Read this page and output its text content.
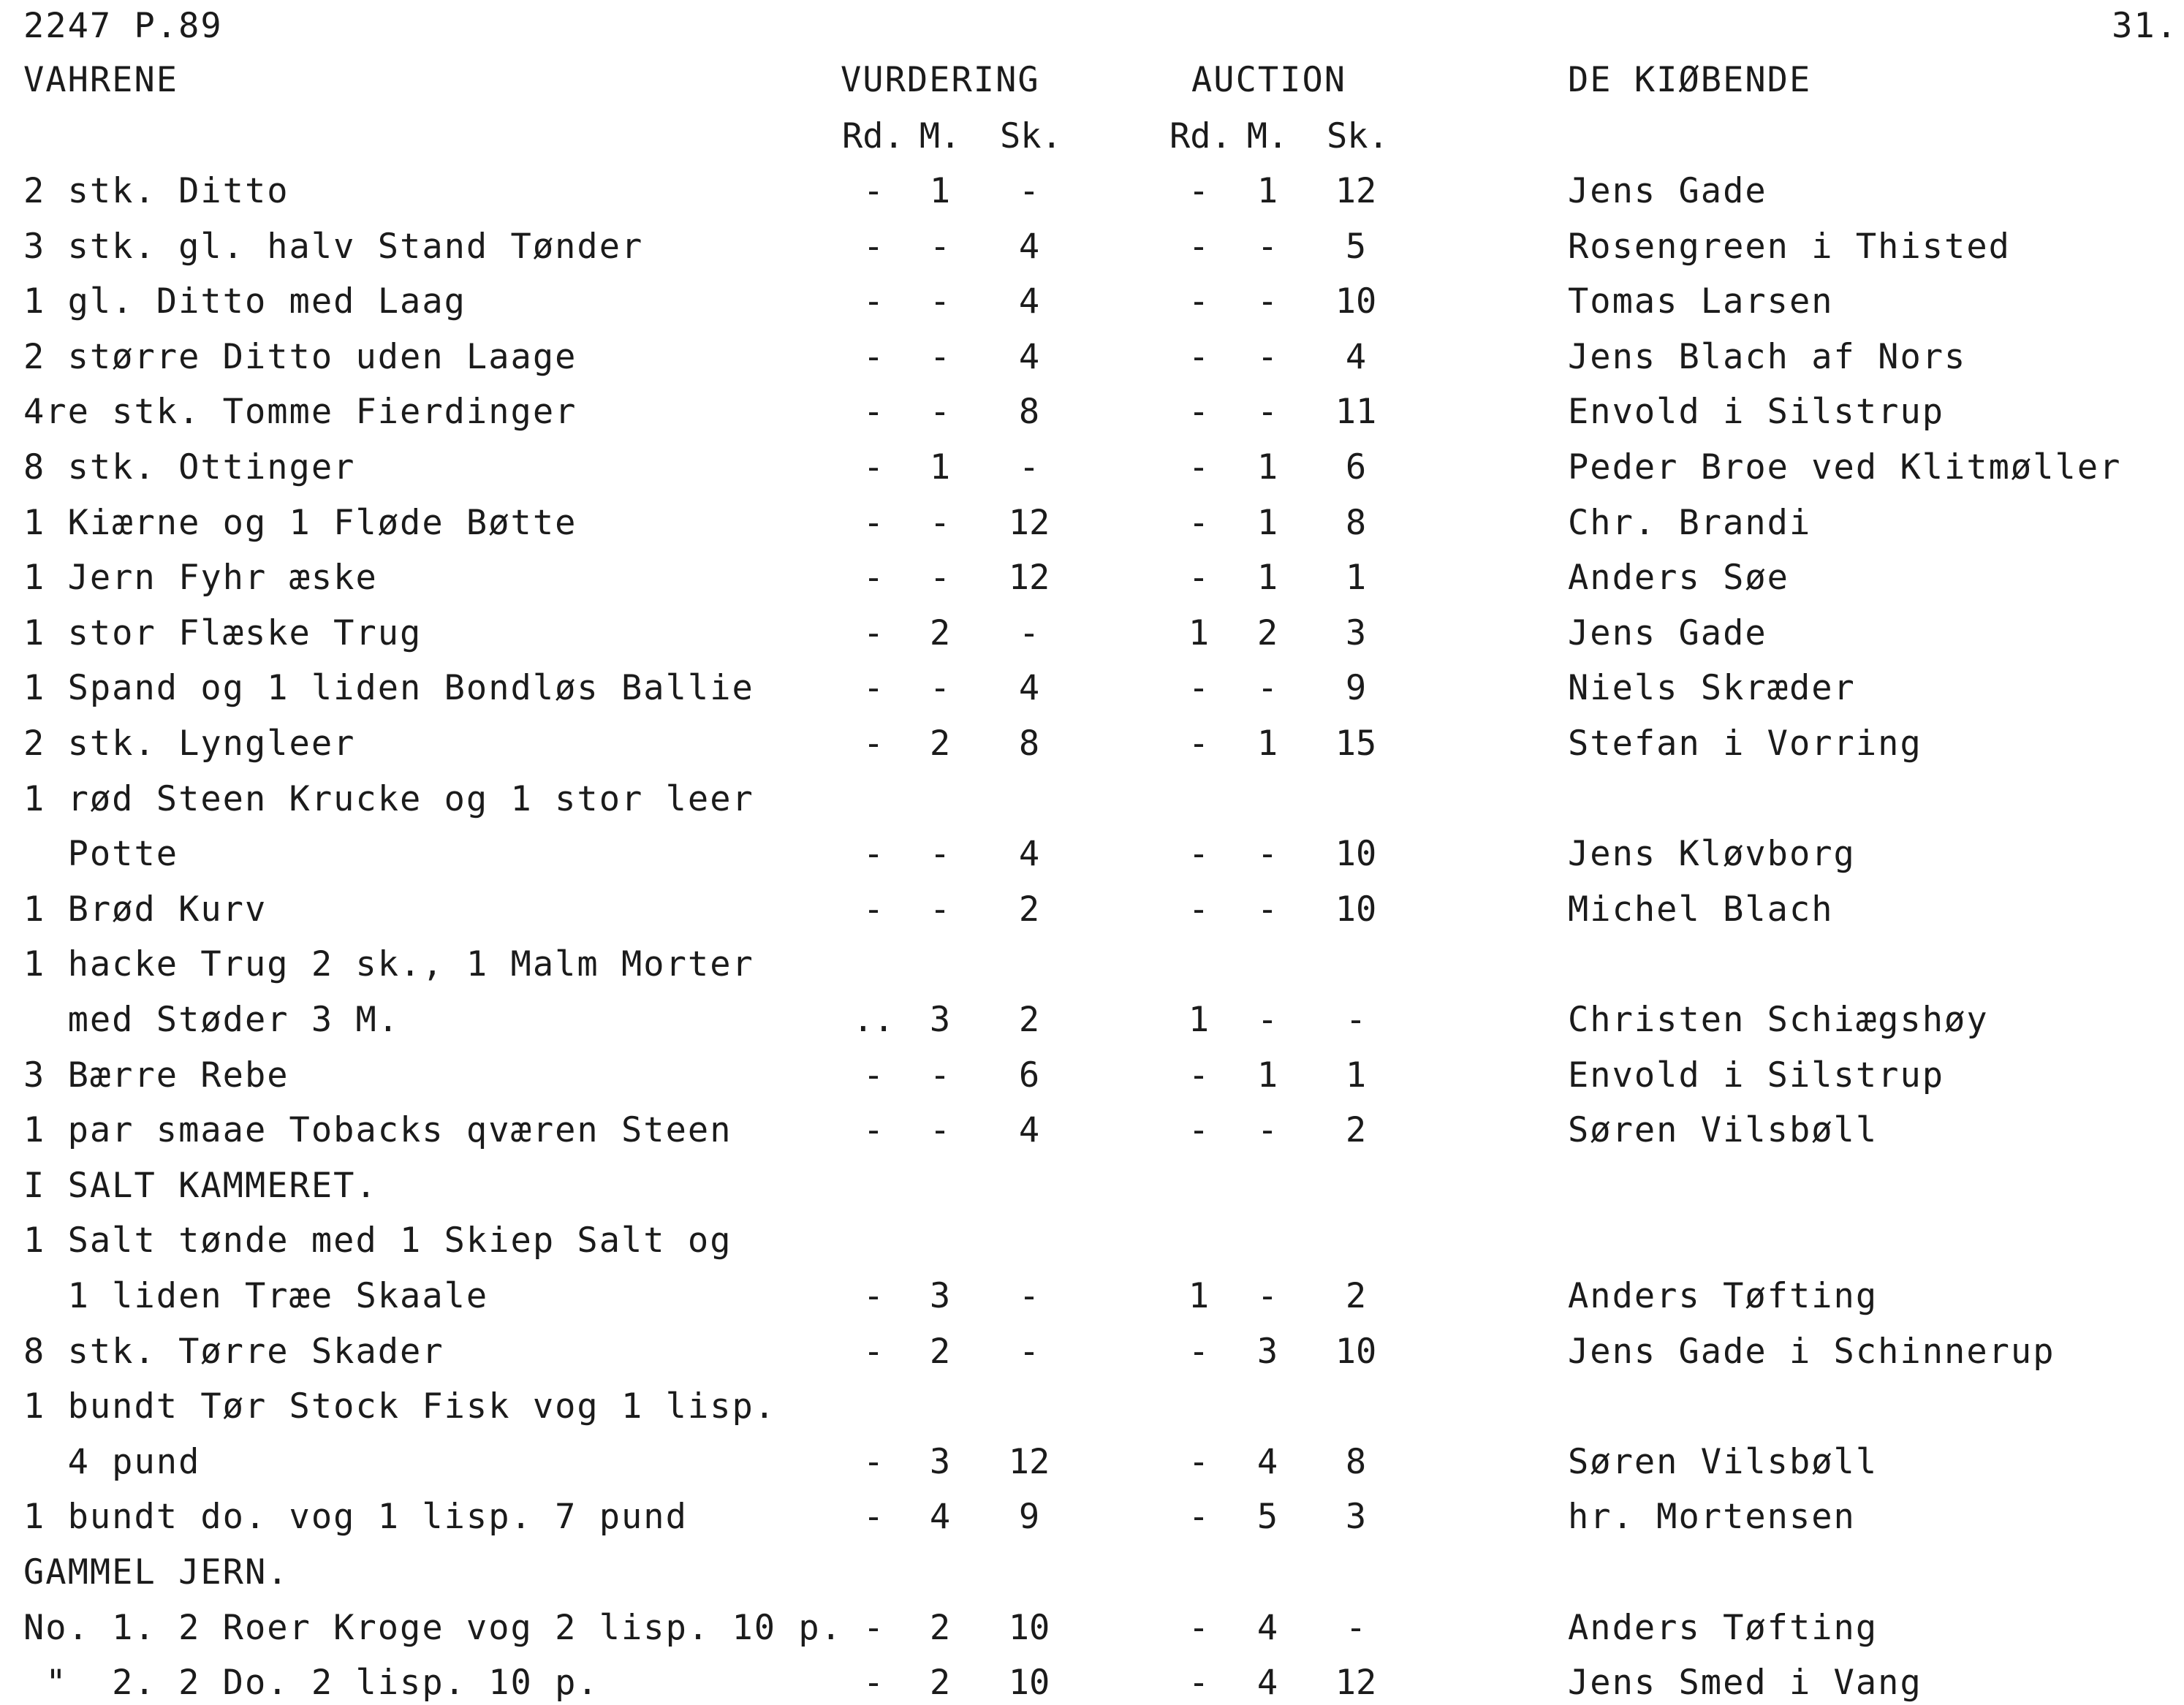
2247 P.89	31.
VAHRENE	VURDERING	AUCTION	DE KIØBENDE
Rd. M. Sk.	Rd. M. Sk.
2 stk. Ditto	-	1	-	-	1	12	Jens Gade
3 stk. gl. halv Stand Tønder	-	-	4	-	-	5	Rosengreen i Thisted
1 gl. Ditto med Laag	-	-	4	-	-	10	Tomas Larsen
2 større Ditto uden Laage	-	-	4	-	-	4	Jens Blach af Nors
4re stk. Tomme Fierdinger	-	-	8	-	-	11	Envold i Silstrup
8 stk. Ottinger	-	1	-	-	1	6	Peder Broe ved Klitmøller
1 Kiærne og 1 Fløde Bøtte	-	-	12	-	1	8	Chr. Brandi
1 Jern Fyhr æske	-	-	12	-	1	1	Anders Søe
1 stor Flæske Trug	-	2	-	1	2	3	Jens Gade
1 Spand og 1 liden Bondløs Ballie	-	-	4	-	-	9	Niels Skræder
2 stk. Lyngleer	-	2	8	-	1	15	Stefan i Vorring
1 rød Steen Krucke og 1 stor leer
Potte	-	-	4	-	-	10	Jens Kløvborg
1 Brød Kurv	-	-	2	-	-	10	Michel Blach
1 hacke Trug 2 sk., 1 Malm Morter
med Støder 3 M.	..	3	2	1	-	-	Christen Schiægshøy
3 Bærre Rebe	-	-	6	-	1	1	Envold i Silstrup
1 par smaae Tobacks qværen Steen	-	-	4	-	-	2	Søren Vilsbøll
I SALT KAMMERET.
1 Salt tønde med 1 Skiep Salt og
1 liden Træe Skaale	-	3	-	1	-	2	Anders Tøfting
8 stk. Tørre Skader	-	2	-	-	3	10	Jens Gade i Schinnerup
1 bundt Tør Stock Fisk vog 1 lisp.
4 pund	-	3	12	-	4	8	Søren Vilsbøll
1 bundt do. vog 1 lisp. 7 pund	-	4	9	-	5	3	hr. Mortensen
GAMMEL JERN.
No. 1. 2 Roer Kroge vog 2 lisp. 10 p. -	2	10	-	4	-	Anders Tøfting
"  2. 2 Do. 2 lisp. 10 p.	-	2	10	-	4	12	Jens Smed i Vang
